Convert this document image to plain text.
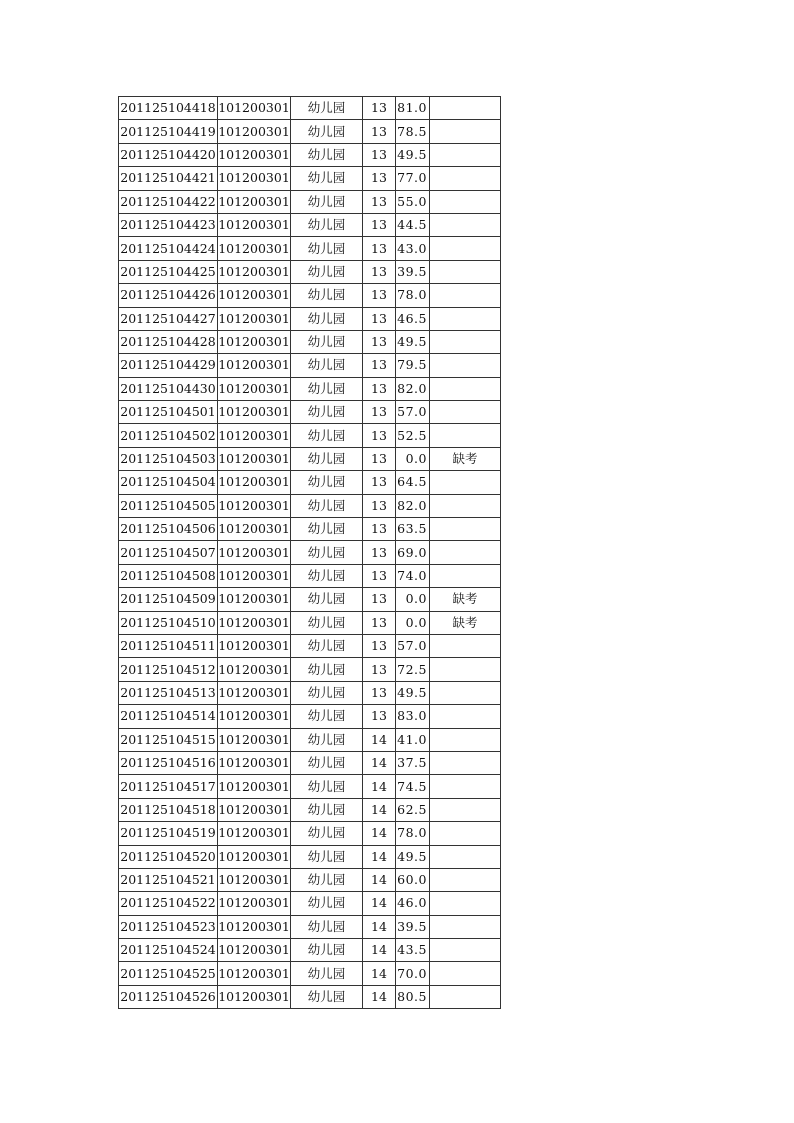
201125104418	101200301	幼儿园	13	81.0	
201125104419	101200301	幼儿园	13	78.5	
201125104420	101200301	幼儿园	13	49.5	
201125104421	101200301	幼儿园	13	77.0	
201125104422	101200301	幼儿园	13	55.0	
201125104423	101200301	幼儿园	13	44.5	
201125104424	101200301	幼儿园	13	43.0	
201125104425	101200301	幼儿园	13	39.5	
201125104426	101200301	幼儿园	13	78.0	
201125104427	101200301	幼儿园	13	46.5	
201125104428	101200301	幼儿园	13	49.5	
201125104429	101200301	幼儿园	13	79.5	
201125104430	101200301	幼儿园	13	82.0	
201125104501	101200301	幼儿园	13	57.0	
201125104502	101200301	幼儿园	13	52.5	
201125104503	101200301	幼儿园	13	0.0	缺考
201125104504	101200301	幼儿园	13	64.5	
201125104505	101200301	幼儿园	13	82.0	
201125104506	101200301	幼儿园	13	63.5	
201125104507	101200301	幼儿园	13	69.0	
201125104508	101200301	幼儿园	13	74.0	
201125104509	101200301	幼儿园	13	0.0	缺考
201125104510	101200301	幼儿园	13	0.0	缺考
201125104511	101200301	幼儿园	13	57.0	
201125104512	101200301	幼儿园	13	72.5	
201125104513	101200301	幼儿园	13	49.5	
201125104514	101200301	幼儿园	13	83.0	
201125104515	101200301	幼儿园	14	41.0	
201125104516	101200301	幼儿园	14	37.5	
201125104517	101200301	幼儿园	14	74.5	
201125104518	101200301	幼儿园	14	62.5	
201125104519	101200301	幼儿园	14	78.0	
201125104520	101200301	幼儿园	14	49.5	
201125104521	101200301	幼儿园	14	60.0	
201125104522	101200301	幼儿园	14	46.0	
201125104523	101200301	幼儿园	14	39.5	
201125104524	101200301	幼儿园	14	43.5	
201125104525	101200301	幼儿园	14	70.0	
201125104526	101200301	幼儿园	14	80.5	
